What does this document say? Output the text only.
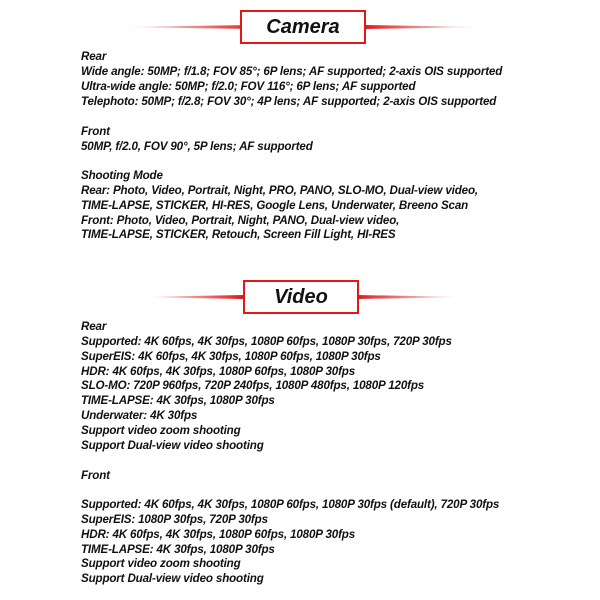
Camera
Rear
Wide angle: 50MP; f/1.8; FOV 85°; 6P lens; AF supported; 2-axis OIS supported
Ultra-wide angle: 50MP; f/2.0; FOV 116°; 6P lens; AF supported
Telephoto: 50MP; f/2.8; FOV 30°; 4P lens; AF supported; 2-axis OIS supported
Front
50MP, f/2.0, FOV 90°, 5P lens; AF supported
Shooting Mode
Rear: Photo, Video, Portrait, Night, PRO, PANO, SLO-MO, Dual-view video,
TIME-LAPSE, STICKER, HI-RES, Google Lens, Underwater, Breeno Scan
Front: Photo, Video, Portrait, Night, PANO, Dual-view video,
TIME-LAPSE, STICKER, Retouch, Screen Fill Light, HI-RES
Video
Rear
Supported: 4K 60fps, 4K 30fps, 1080P 60fps, 1080P 30fps, 720P 30fps
SuperEIS: 4K 60fps, 4K 30fps, 1080P 60fps, 1080P 30fps
HDR: 4K 60fps, 4K 30fps, 1080P 60fps, 1080P 30fps
SLO-MO: 720P 960fps, 720P 240fps, 1080P 480fps, 1080P 120fps
TIME-LAPSE: 4K 30fps, 1080P 30fps
Underwater: 4K 30fps
Support video zoom shooting
Support Dual-view video shooting
Front
Supported: 4K 60fps, 4K 30fps, 1080P 60fps, 1080P 30fps (default), 720P 30fps
SuperEIS: 1080P 30fps, 720P 30fps
HDR: 4K 60fps, 4K 30fps, 1080P 60fps, 1080P 30fps
TIME-LAPSE: 4K 30fps, 1080P 30fps
Support video zoom shooting
Support Dual-view video shooting
